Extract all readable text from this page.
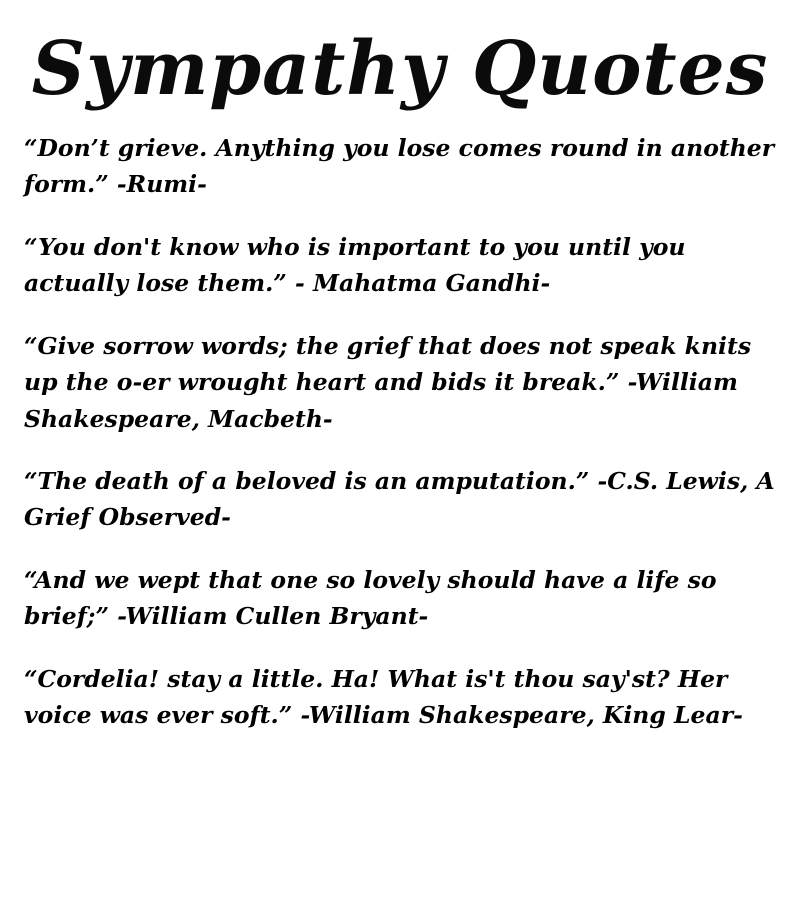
Sympathy Quotes

“Don’t grieve. Anything you lose comes round in another form.” -Rumi-

“You don't know who is important to you until you actually lose them.” - Mahatma Gandhi-

“Give sorrow words; the grief that does not speak knits up the o-er wrought heart and bids it break.” -William Shakespeare, Macbeth-

“The death of a beloved is an amputation.” -C.S. Lewis, A Grief Observed-

“And we wept that one so lovely should have a life so brief;” -William Cullen Bryant-

“Cordelia! stay a little. Ha! What is't thou say'st? Her voice was ever soft.” -William Shakespeare, King Lear-
